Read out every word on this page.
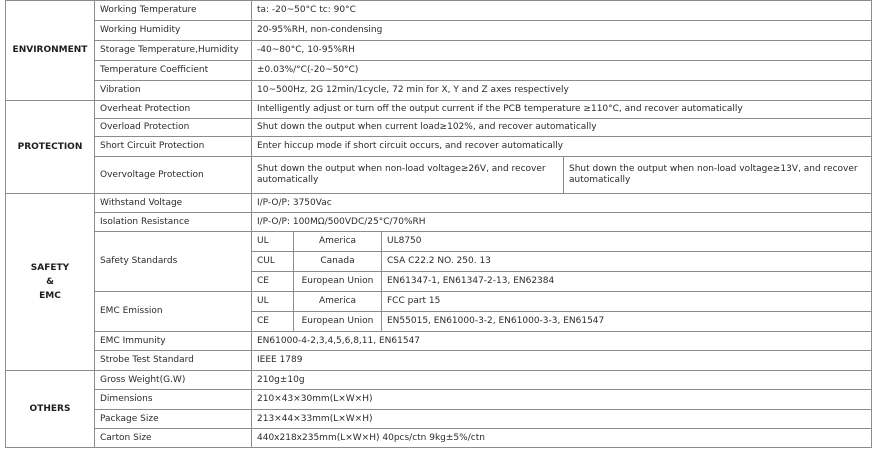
ENVIRONMENT	Working Temperature	ta: -20~50°C tc: 90°C			
	Working Humidity	20-95%RH, non-condensing			
	Storage Temperature,Humidity	-40~80°C, 10-95%RH			
	Temperature Coefficient	±0.03%/°C(-20~50°C)			
	Vibration	10~500Hz, 2G 12min/1cycle, 72 min for X, Y and Z axes respectively			
PROTECTION	Overheat Protection	Intelligently adjust or turn off the output current if the PCB temperature ≥110°C, and recover automatically			
	Overload Protection	Shut down the output when current load≥102%, and recover automatically			
	Short Circuit Protection	Enter hiccup mode if short circuit occurs, and recover automatically			
	Overvoltage Protection	Shut down the output when non-load voltage≥26V, and recover automatically			Shut down the output when non-load voltage≥13V, and recover automatically

SAFETY
&
EMC	Withstand Voltage	I/P-O/P: 3750Vac			
	Isolation Resistance	I/P-O/P: 100MΩ/500VDC/25°C/70%RH			
	Safety Standards	UL	America	UL8750	
		CUL	Canada	CSA C22.2 NO. 250. 13	
		CE	European Union	EN61347-1, EN61347-2-13, EN62384	
	EMC Emission	UL	America	FCC part 15	
		CE	European Union	EN55015, EN61000-3-2, EN61000-3-3, EN61547	
	EMC Immunity	EN61000-4-2,3,4,5,6,8,11, EN61547			
	Strobe Test Standard	IEEE 1789			
OTHERS	Gross Weight(G.W)	210g±10g			
	Dimensions	210×43×30mm(L×W×H)			
	Package Size	213×44×33mm(L×W×H)			
	Carton Size	440x218x235mm(L×W×H) 40pcs/ctn 9kg±5%/ctn			
